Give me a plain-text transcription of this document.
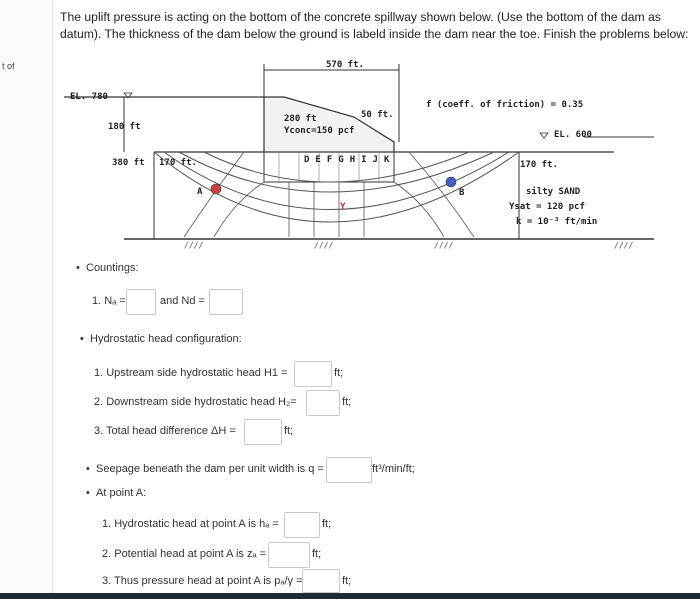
t of
The uplift pressure is acting on the bottom of the concrete spillway shown below. (Use the bottom of the dam as datum). The thickness of the dam below the ground is labeld inside the dam near the toe. Finish the problems below:
////	////	////	////
570 ft.
EL. 780
180 ft
380 ft 170 ft.
280 ft
Yconc=150 pcf
50 ft.
f (coeff. of friction) = 0.35
EL. 600
170 ft.
silty SAND
Ysat = 120 pcf
k = 10⁻³ ft/min
A	B
Y
D E F G H I J K
• Countings:
1. Nₐ =	and Nd =
• Hydrostatic head configuration:
1. Upstream side hydrostatic head H1 =	ft;
2. Downstream side hydrostatic head H₂=	ft;
3. Total head difference ΔH =	ft;
• Seepage beneath the dam per unit width is q =	ft³/min/ft;
• At point A:
1. Hydrostatic head at point A is hₐ =	ft;
2. Potential head at point A is zₐ =	ft;
3. Thus pressure head at point A is pₐ/γ =	ft;
